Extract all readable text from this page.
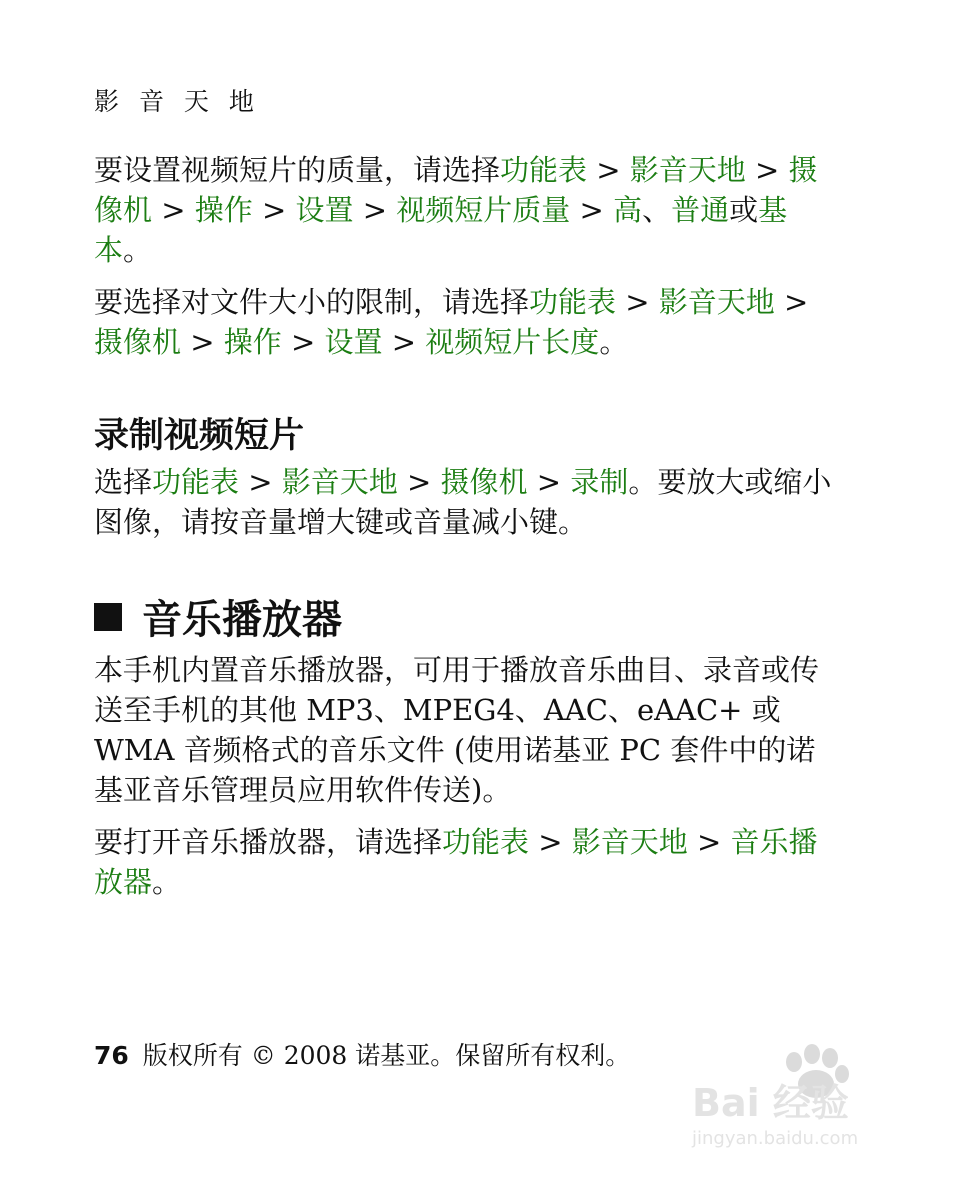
影 音 天 地

要设置视频短片的质量，请选择功能表 > 影音天地 > 摄像机 > 操作 > 设置 > 视频短片质量 > 高、普通或基本。

要选择对文件大小的限制，请选择功能表 > 影音天地 > 摄像机 > 操作 > 设置 > 视频短片长度。

录制视频短片

选择功能表 > 影音天地 > 摄像机 > 录制。要放大或缩小图像，请按音量增大键或音量减小键。

音乐播放器

本手机内置音乐播放器，可用于播放音乐曲目、录音或传送至手机的其他 MP3、MPEG4、AAC、eAAC+ 或 WMA 音频格式的音乐文件 (使用诺基亚 PC 套件中的诺基亚音乐管理员应用软件传送)。

要打开音乐播放器，请选择功能表 > 影音天地 > 音乐播放器。

76 版权所有 © 2008 诺基亚。保留所有权利。
Bai 经验
jingyan.baidu.com
